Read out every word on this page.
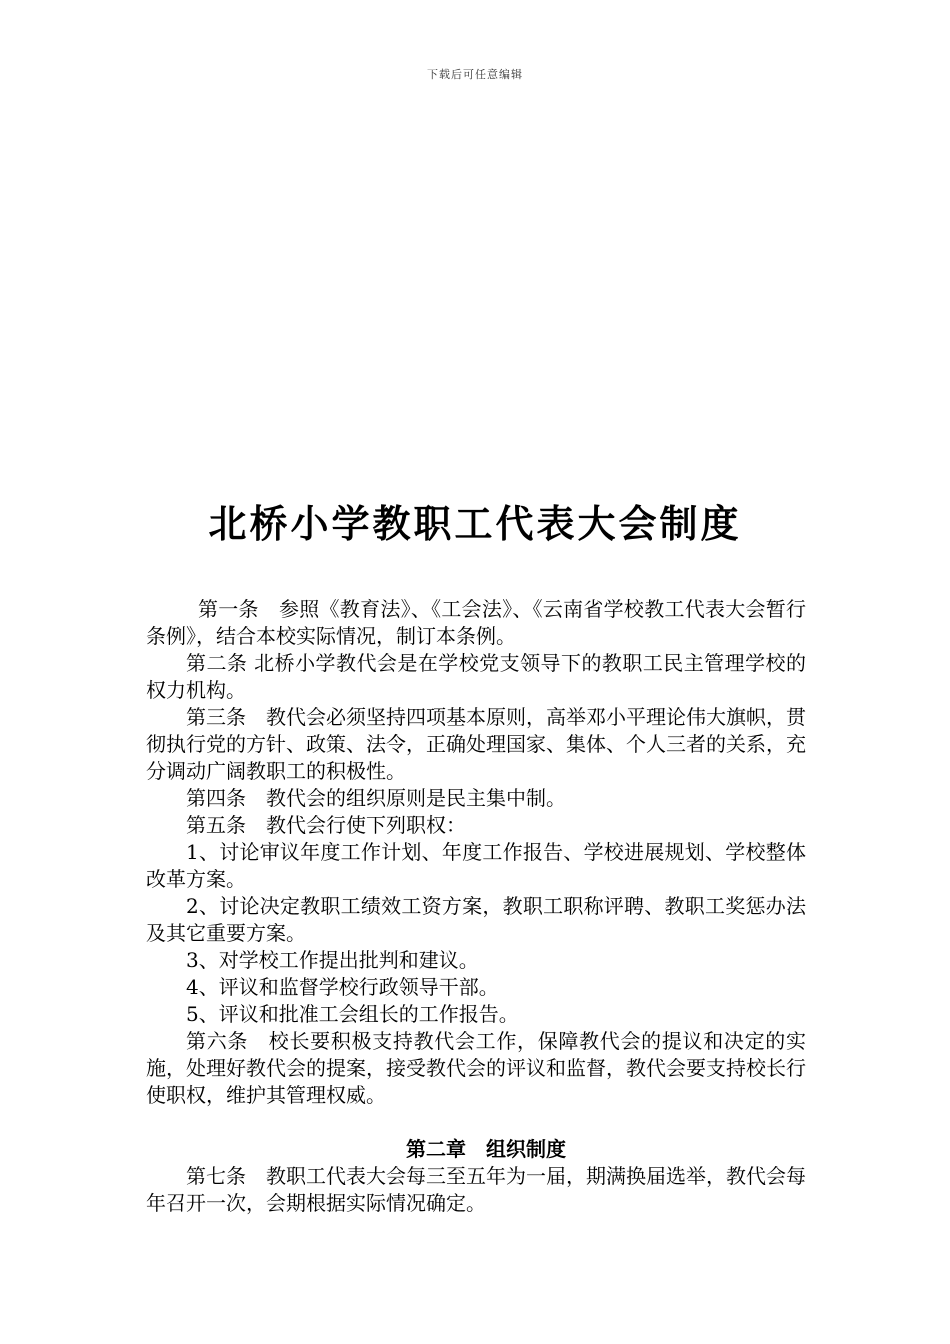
下载后可任意编辑
北桥小学教职工代表大会制度

第一条　参照《教育法》、《工会法》、《云南省学校教工代表大会暂行条例》，结合本校实际情况，制订本条例。

第二条 北桥小学教代会是在学校党支领导下的教职工民主管理学校的权力机构。

第三条　教代会必须坚持四项基本原则，高举邓小平理论伟大旗帜，贯彻执行党的方针、政策、法令，正确处理国家、集体、个人三者的关系，充分调动广阔教职工的积极性。

第四条　教代会的组织原则是民主集中制。

第五条　教代会行使下列职权：

1、讨论审议年度工作计划、年度工作报告、学校进展规划、学校整体改革方案。

2、讨论决定教职工绩效工资方案，教职工职称评聘、教职工奖惩办法及其它重要方案。

3、对学校工作提出批判和建议。

4、评议和监督学校行政领导干部。

5、评议和批准工会组长的工作报告。

第六条　校长要积极支持教代会工作，保障教代会的提议和决定的实施，处理好教代会的提案，接受教代会的评议和监督，教代会要支持校长行使职权，维护其管理权威。

第二章　组织制度

第七条　教职工代表大会每三至五年为一届，期满换届选举，教代会每年召开一次，会期根据实际情况确定。
